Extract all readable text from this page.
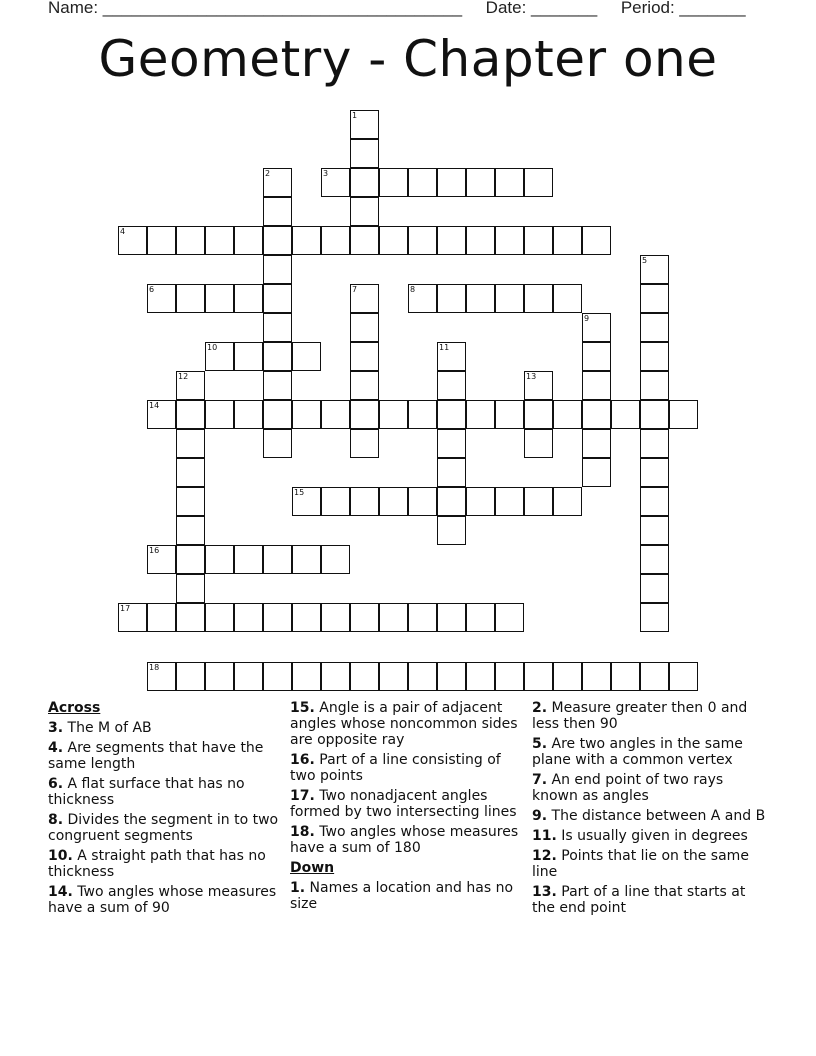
Name: ______________________________________     Date: _______     Period: _______
Geometry - Chapter one
3
4
6	8
10
14
15
16
17
18
1
2
5
7
9
11
12	13
Across
3. The M of AB
4. Are segments that have the same length
6. A flat surface that has no thickness
8. Divides the segment in to two congruent segments
10. A straight path that has no thickness
14. Two angles whose measures have a sum of 90
15. Angle is a pair of adjacent angles whose noncommon sides are opposite ray
16. Part of a line consisting of two points
17. Two nonadjacent angles formed by two intersecting lines
18. Two angles whose measures have a sum of 180
Down
1. Names a location and has no size
2. Measure greater then 0 and less then 90
5. Are two angles in the same plane with a common vertex
7. An end point of two rays known as angles
9. The distance between A and B
11. Is usually given in degrees
12. Points that lie on the same line
13. Part of a line that starts at the end point
